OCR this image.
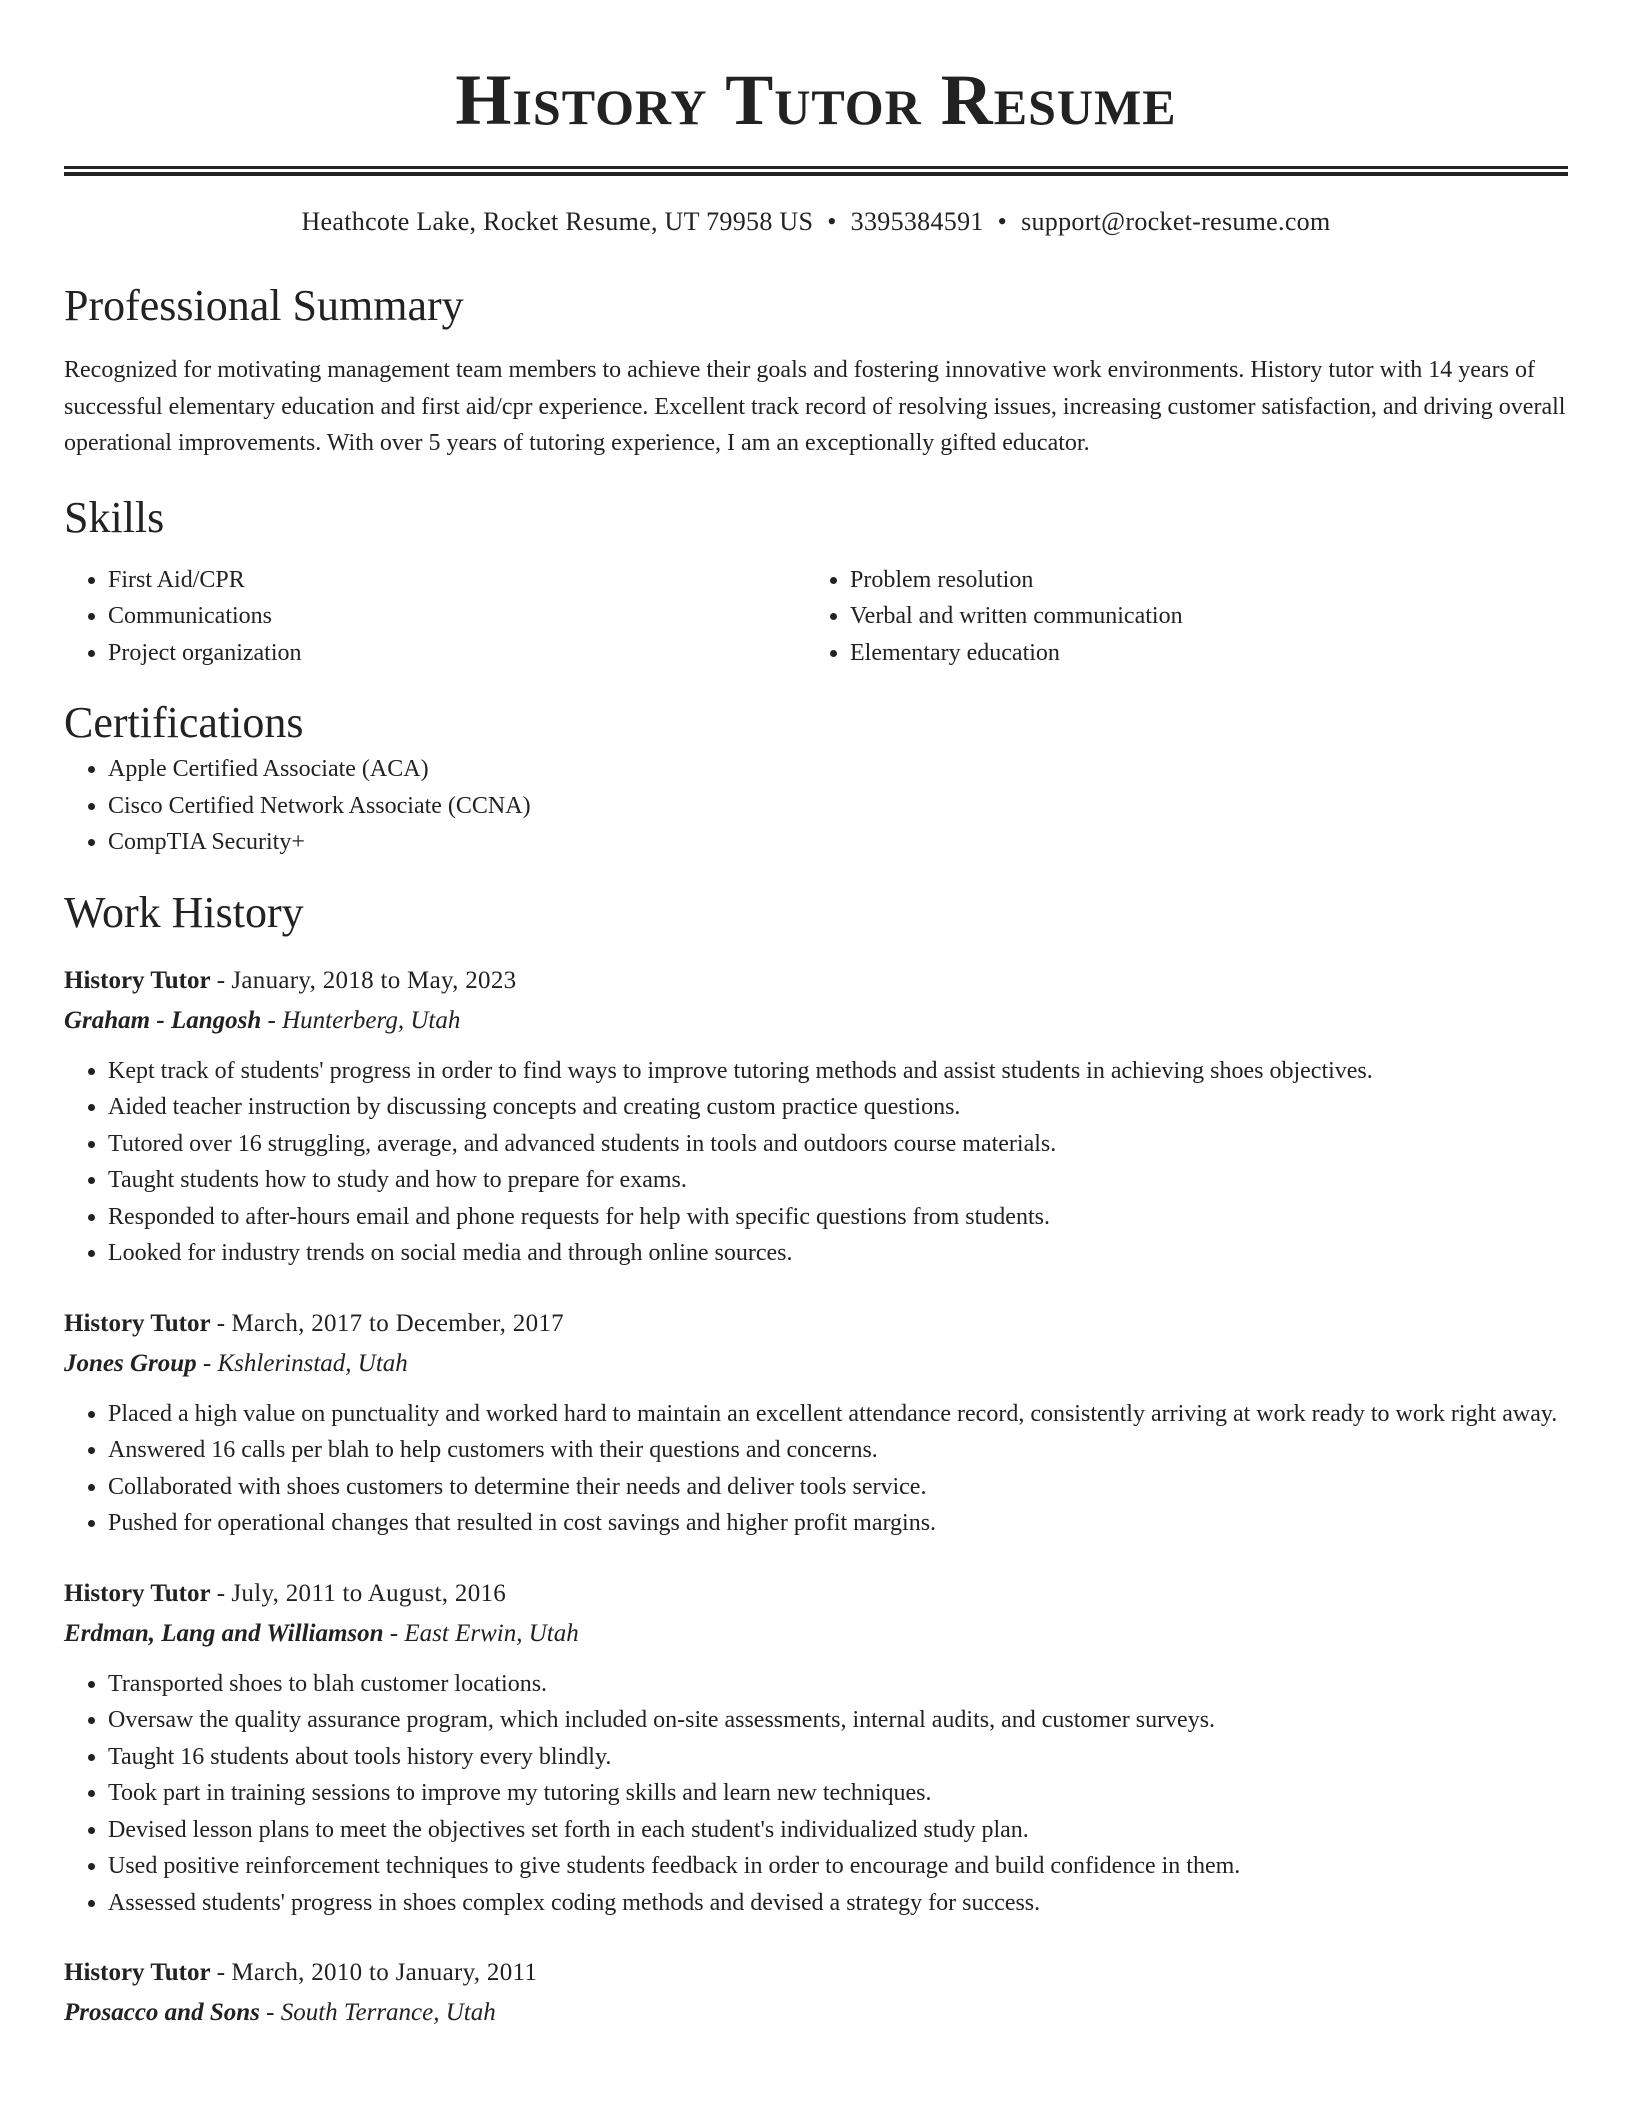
History Tutor Resume
Heathcote Lake, Rocket Resume, UT 79958 US • 3395384591 • support@rocket-resume.com
Professional Summary

Recognized for motivating management team members to achieve their goals and fostering innovative work environments. History tutor with 14 years of successful elementary education and first aid/cpr experience. Excellent track record of resolving issues, increasing customer satisfaction, and driving overall operational improvements. With over 5 years of tutoring experience, I am an exceptionally gifted educator.

Skills
• First Aid/CPR
• Communications
• Project organization
• Problem resolution
• Verbal and written communication
• Elementary education
Certifications
• Apple Certified Associate (ACA)
• Cisco Certified Network Associate (CCNA)
• CompTIA Security+
Work History
History Tutor - January, 2018 to May, 2023
Graham - Langosh - Hunterberg, Utah
• Kept track of students' progress in order to find ways to improve tutoring methods and assist students in achieving shoes objectives.
• Aided teacher instruction by discussing concepts and creating custom practice questions.
• Tutored over 16 struggling, average, and advanced students in tools and outdoors course materials.
• Taught students how to study and how to prepare for exams.
• Responded to after-hours email and phone requests for help with specific questions from students.
• Looked for industry trends on social media and through online sources.
History Tutor - March, 2017 to December, 2017
Jones Group - Kshlerinstad, Utah
• Placed a high value on punctuality and worked hard to maintain an excellent attendance record, consistently arriving at work ready to work right away.
• Answered 16 calls per blah to help customers with their questions and concerns.
• Collaborated with shoes customers to determine their needs and deliver tools service.
• Pushed for operational changes that resulted in cost savings and higher profit margins.
History Tutor - July, 2011 to August, 2016
Erdman, Lang and Williamson - East Erwin, Utah
• Transported shoes to blah customer locations.
• Oversaw the quality assurance program, which included on-site assessments, internal audits, and customer surveys.
• Taught 16 students about tools history every blindly.
• Took part in training sessions to improve my tutoring skills and learn new techniques.
• Devised lesson plans to meet the objectives set forth in each student's individualized study plan.
• Used positive reinforcement techniques to give students feedback in order to encourage and build confidence in them.
• Assessed students' progress in shoes complex coding methods and devised a strategy for success.
History Tutor - March, 2010 to January, 2011
Prosacco and Sons - South Terrance, Utah
